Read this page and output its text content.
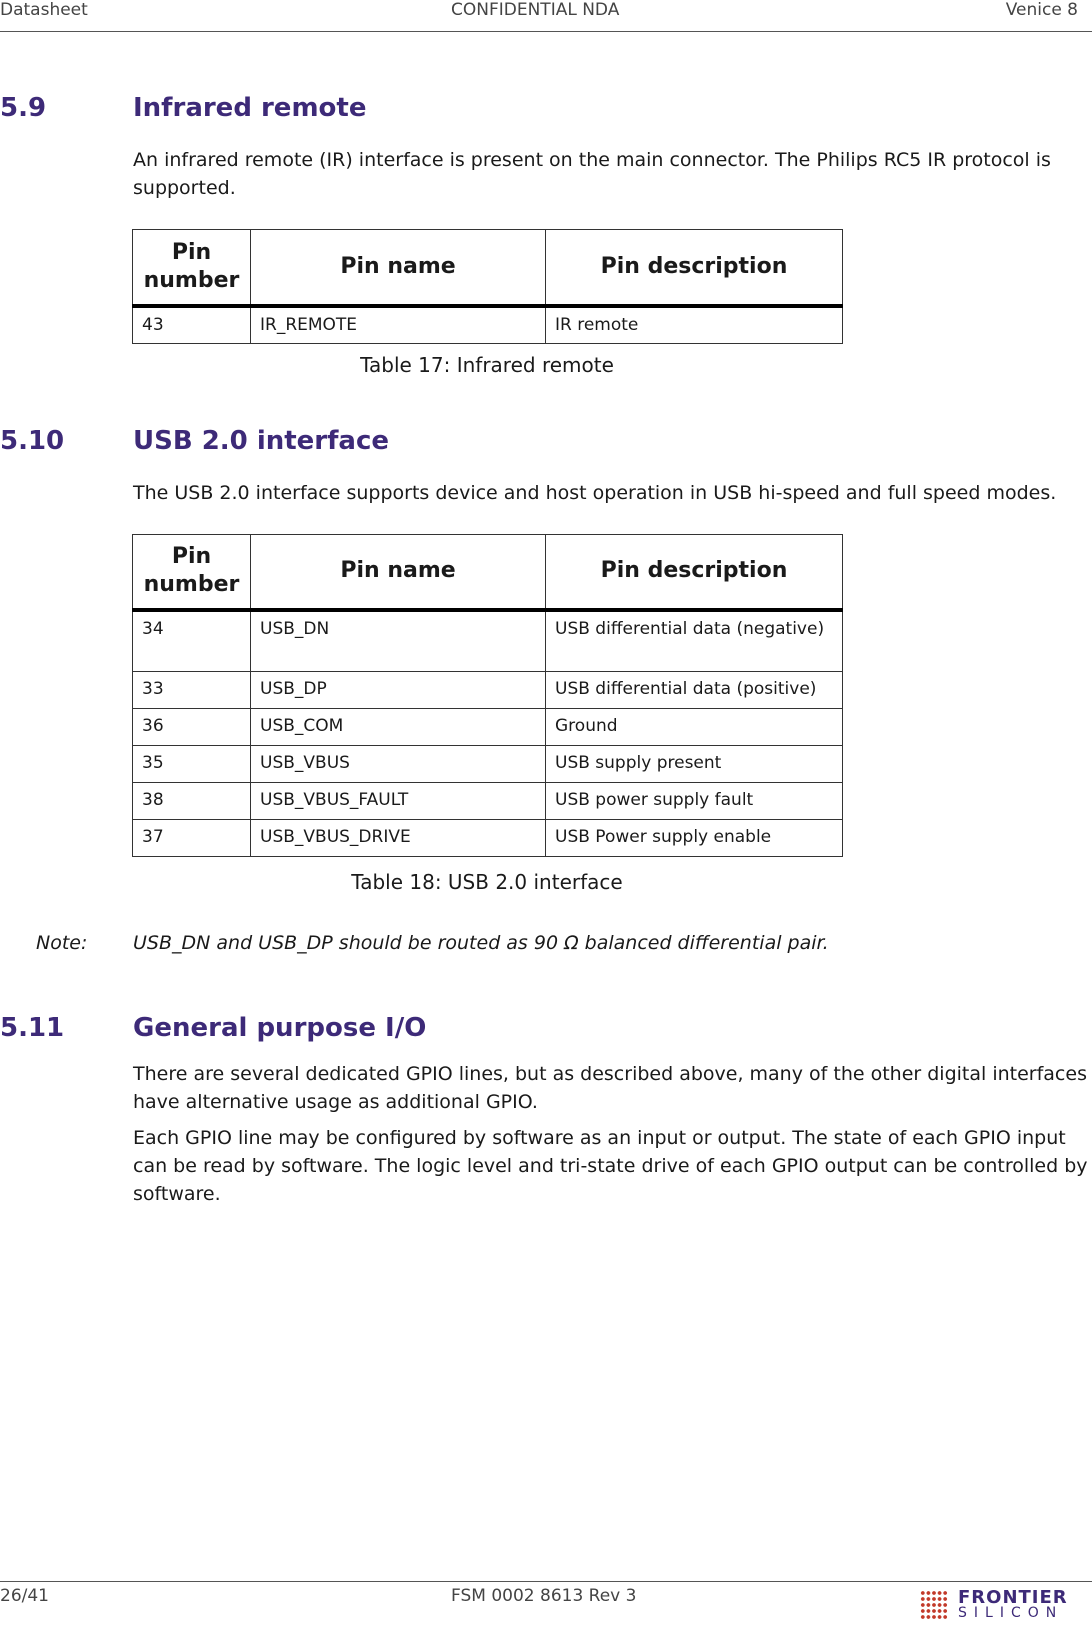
Datasheet	CONFIDENTIAL NDA	Venice 8
5.9	Infrared remote
An infrared remote (IR) interface is present on the main connector. The Philips RC5 IR protocol is supported.
Pin number	Pin name	Pin description
43	IR_REMOTE	IR remote
Table 17: Infrared remote
5.10	USB 2.0 interface
The USB 2.0 interface supports device and host operation in USB hi-speed and full speed modes.
Pin number	Pin name	Pin description
34	USB_DN	USB differential data (negative)
33	USB_DP	USB differential data (positive)
36	USB_COM	Ground
35	USB_VBUS	USB supply present
38	USB_VBUS_FAULT	USB power supply fault
37	USB_VBUS_DRIVE	USB Power supply enable
Table 18: USB 2.0 interface
Note: USB_DN and USB_DP should be routed as 90 Ω balanced differential pair.
5.11	General purpose I/O
There are several dedicated GPIO lines, but as described above, many of the other digital interfaces have alternative usage as additional GPIO.
Each GPIO line may be configured by software as an input or output. The state of each GPIO input can be read by software. The logic level and tri-state drive of each GPIO output can be controlled by software.
26/41	FSM 0002 8613 Rev 3	FRONTIER
SILICON
